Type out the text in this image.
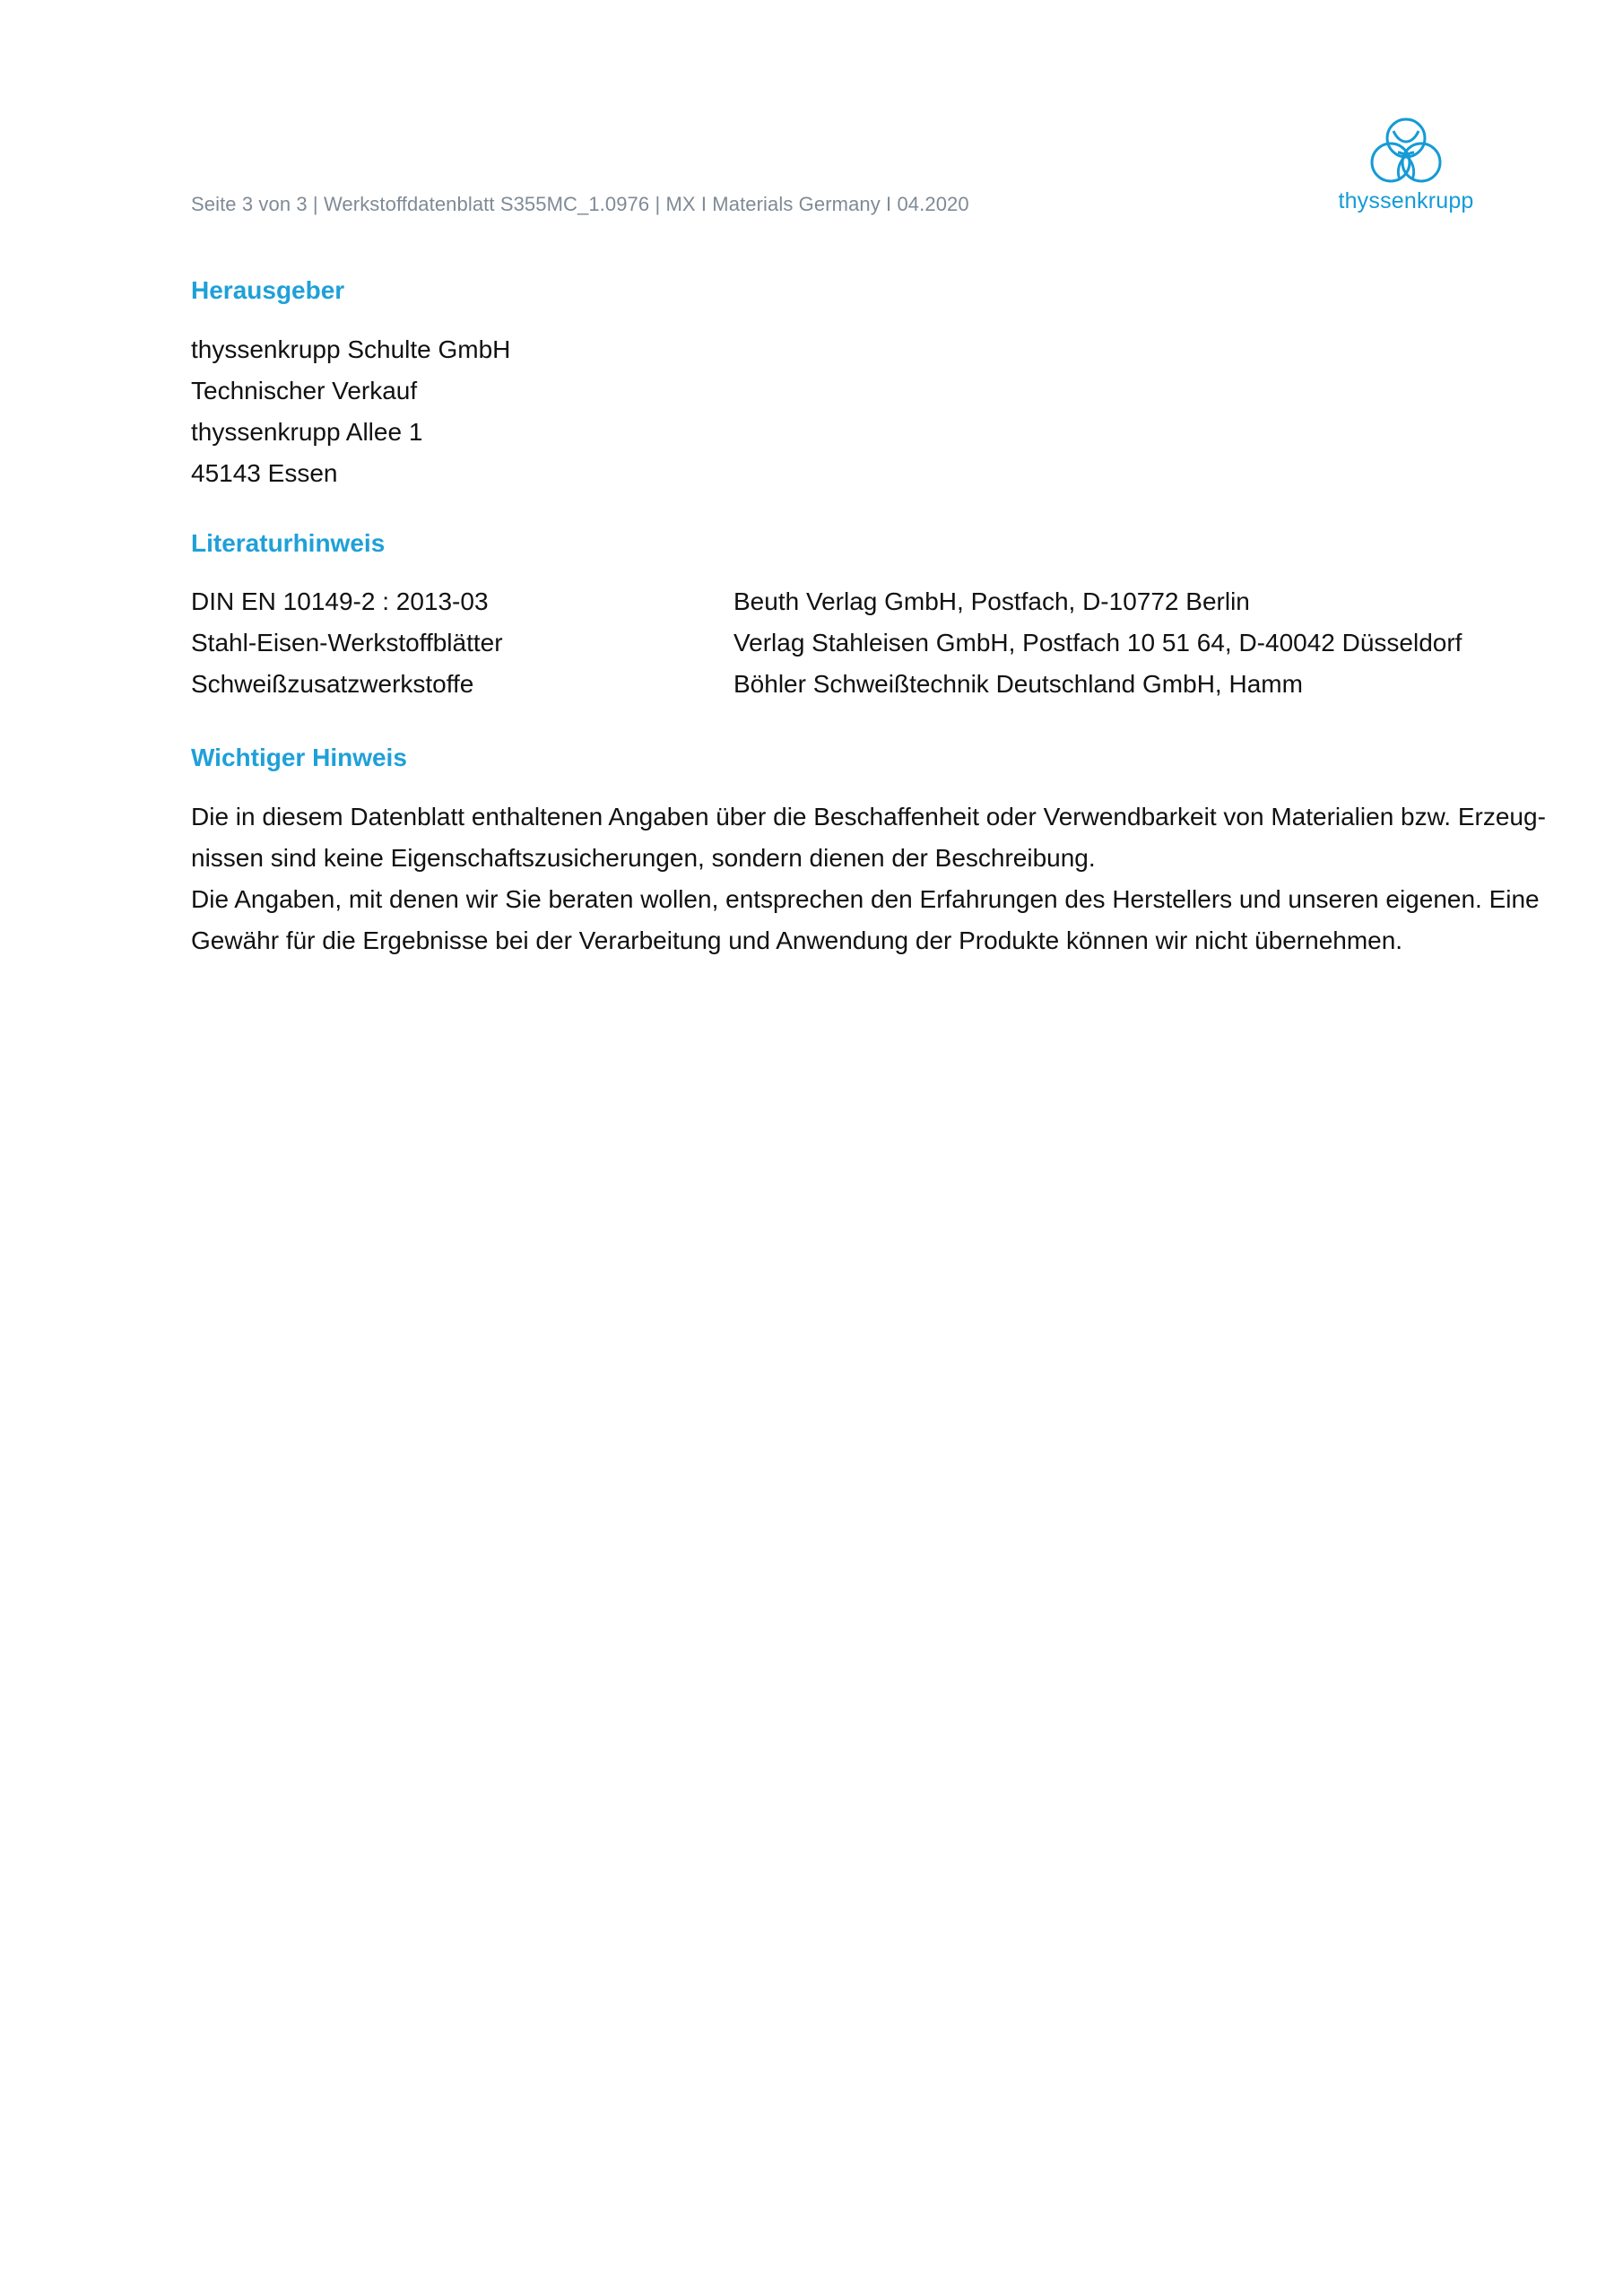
Seite 3 von 3 | Werkstoffdatenblatt S355MC_1.0976 | MX I Materials Germany I 04.2020	thyssenkrupp
Herausgeber
thyssenkrupp Schulte GmbH
Technischer Verkauf
thyssenkrupp Allee 1
45143 Essen
Literaturhinweis
DIN EN 10149-2 : 2013-03	Beuth Verlag GmbH, Postfach, D-10772 Berlin
Stahl-Eisen-Werkstoffblätter	Verlag Stahleisen GmbH, Postfach 10 51 64, D-40042 Düsseldorf
Schweißzusatzwerkstoffe	Böhler Schweißtechnik Deutschland GmbH, Hamm
Wichtiger Hinweis

Die in diesem Datenblatt enthaltenen Angaben über die Beschaffenheit oder Verwendbarkeit von Materialien bzw. Erzeug-

nissen sind keine Eigenschaftszusicherungen, sondern dienen der Beschreibung.

Die Angaben, mit denen wir Sie beraten wollen, entsprechen den Erfahrungen des Herstellers und unseren eigenen. Eine

Gewähr für die Ergebnisse bei der Verarbeitung und Anwendung der Produkte können wir nicht übernehmen.
